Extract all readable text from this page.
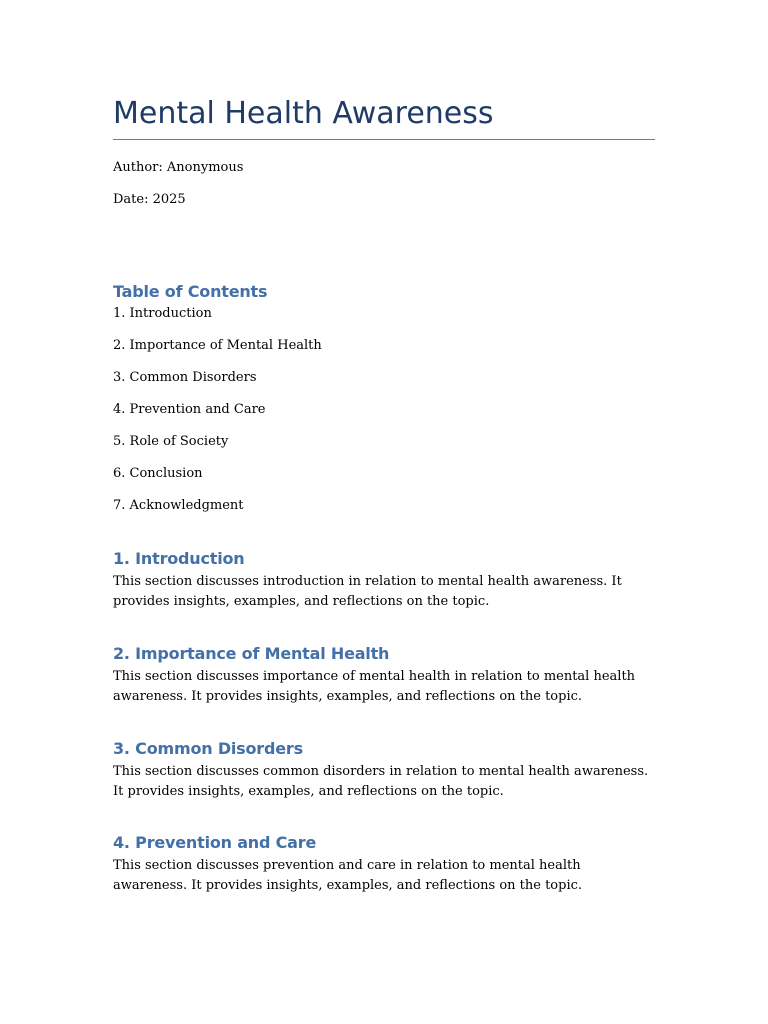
Mental Health Awareness

Author: Anonymous

Date: 2025

Table of Contents
1. Introduction
2. Importance of Mental Health
3. Common Disorders
4. Prevention and Care
5. Role of Society
6. Conclusion
7. Acknowledgment
1. Introduction

This section discusses introduction in relation to mental health awareness. It provides insights, examples, and reflections on the topic.

2. Importance of Mental Health

This section discusses importance of mental health in relation to mental health awareness. It provides insights, examples, and reflections on the topic.

3. Common Disorders

This section discusses common disorders in relation to mental health awareness. It provides insights, examples, and reflections on the topic.

4. Prevention and Care

This section discusses prevention and care in relation to mental health awareness. It provides insights, examples, and reflections on the topic.
